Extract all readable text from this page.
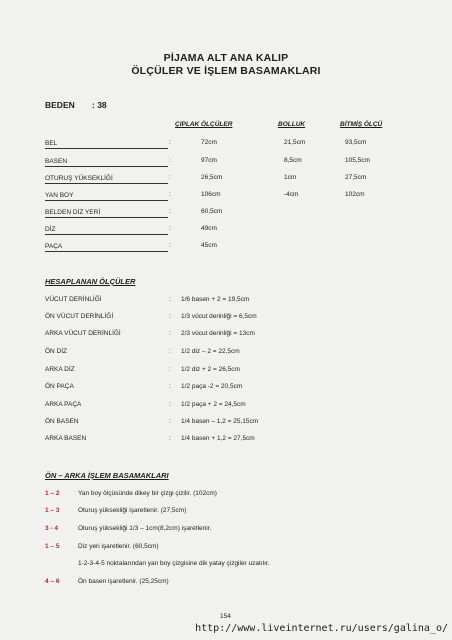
PİJAMA ALT ANA KALIP
ÖLÇÜLER VE İŞLEM BASAMAKLARI
BEDEN : 38
ÇIPLAK ÖLÇÜLER	BOLLUK	BİTMİŞ ÖLÇÜ
BEL	:	72cm	21,5cm	93,5cm
BASEN	:	97cm	8,5cm	105,5cm
OTURUŞ YÜKSEKLİĞİ	:	26,5cm	1cm	27,5cm
YAN BOY	:	106cm	-4cm	102cm
BELDEN DİZ YERİ	:	60,5cm
DİZ	:	49cm
PAÇA	:	45cm
HESAPLANAN ÖLÇÜLER
VÜCUT DERİNLİĞİ	: 1/6 basen + 2 = 19,5cm
ÖN VÜCUT DERİNLİĞİ	: 1/3 vücut derinliği = 6,5cm
ARKA VÜCUT DERİNLİĞİ	: 2/3 vücut derinliği = 13cm
ÖN DİZ	: 1/2 diz – 2 = 22,5cm
ARKA DİZ	: 1/2 diz + 2 = 26,5cm
ÖN PAÇA	: 1/2 paça -2 = 20,5cm
ARKA PAÇA	: 1/2 paça + 2 = 24,5cm
ÖN BASEN	: 1/4 basen – 1,2 = 25,15cm
ARKA BASEN	: 1/4 basen + 1,2 = 27,5cm
ÖN – ARKA İŞLEM BASAMAKLARI
1 – 2	Yan boy ölçüsünde dikey bir çizgi çizilir. (102cm)
1 – 3	Oturuş yüksekliği işaretlenir. (27,5cm)
3 - 4	Oturuş yüksekliği 1/3 – 1cm(8,2cm) işaretlenir.
1 – 5	Diz yeri işaretlenir. (60,5cm)
1-2-3-4-5 noktalarından yan boy çizgisine dik yatay çizgiler uzatılır.
4 – 6	Ön basen işaretlenir. (25,25cm)
154
http://www.liveinternet.ru/users/galina_o/
